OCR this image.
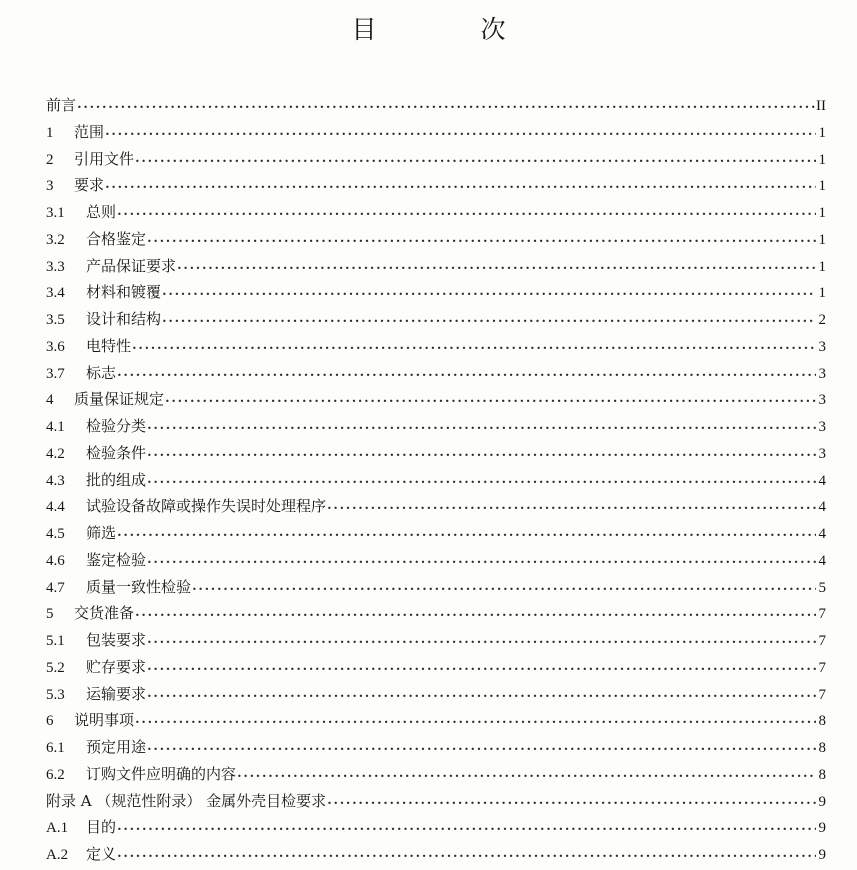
目 次
前言 •••••	II
1	范围 •••••	1
2	引用文件 •••••	1
3	要求 •••••	1
3.1	总则 •••••	1
3.2	合格鉴定 •••••	1
3.3	产品保证要求 •••••	1
3.4	材料和镀覆 •••••	1
3.5	设计和结构 •••••	2
3.6	电特性 •••••	3
3.7	标志 •••••	3
4	质量保证规定 •••••	3
4.1	检验分类 •••••	3
4.2	检验条件 •••••	3
4.3	批的组成 •••••	4
4.4	试验设备故障或操作失误时处理程序 •••••	4
4.5	筛选 •••••	4
4.6	鉴定检验 •••••	4
4.7	质量一致性检验 •••••	5
5	交货准备 •••••	7
5.1	包装要求 •••••	7
5.2	贮存要求 •••••	7
5.3	运输要求 •••••	7
6	说明事项 •••••	8
6.1	预定用途 •••••	8
6.2	订购文件应明确的内容 •••••	8
附录 A （规范性附录） 金属外壳目检要求 •••••	9
A.1	目的 •••••	9
A.2	定义 •••••	9
